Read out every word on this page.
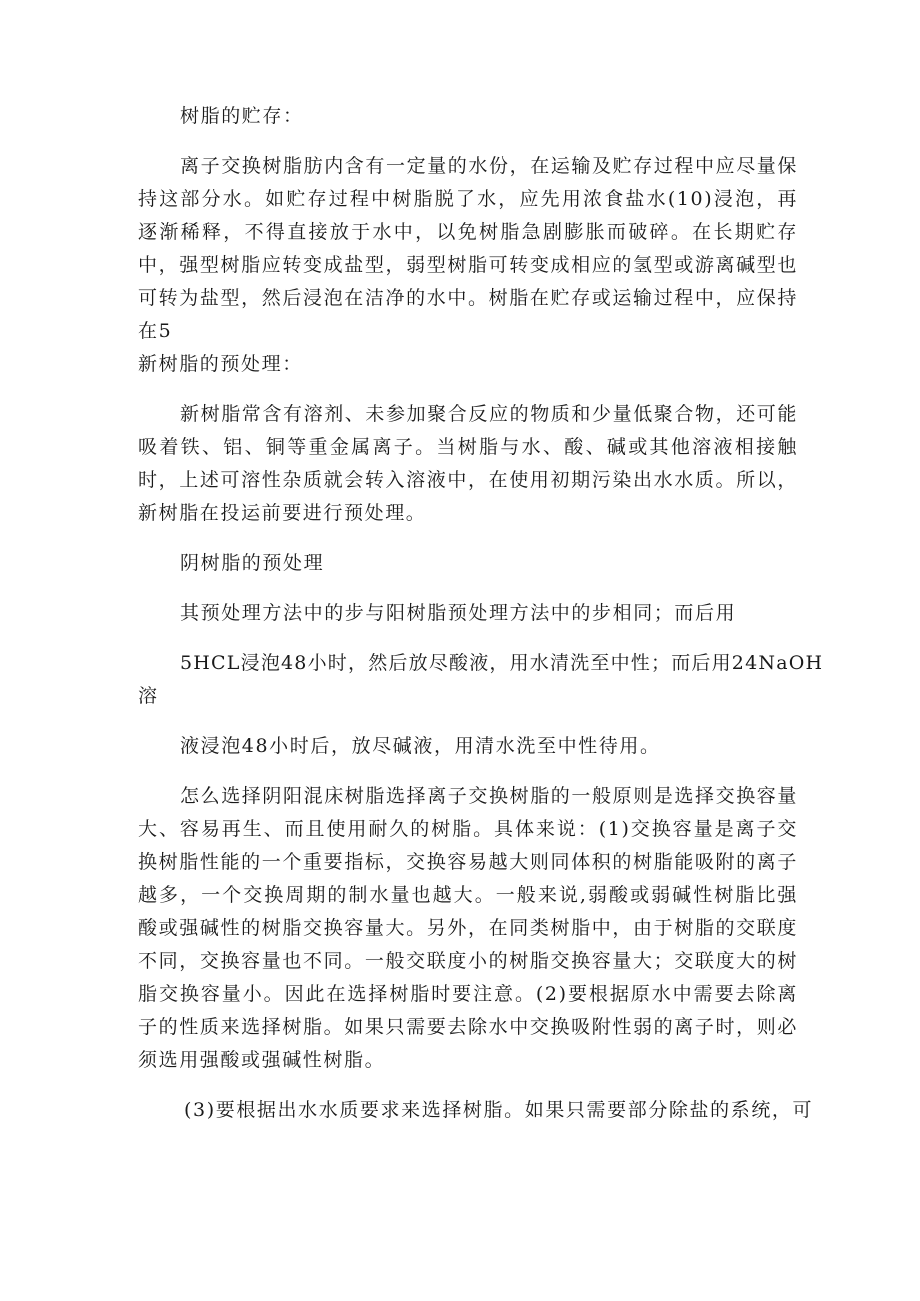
树脂的贮存：

离子交换树脂肪内含有一定量的水份，在运输及贮存过程中应尽量保持这部分水。如贮存过程中树脂脱了水，应先用浓食盐水(10)浸泡，再逐渐稀释，不得直接放于水中，以免树脂急剧膨胀而破碎。在长期贮存中，强型树脂应转变成盐型，弱型树脂可转变成相应的氢型或游离碱型也可转为盐型，然后浸泡在洁净的水中。树脂在贮存或运输过程中，应保持在5

新树脂的预处理：

新树脂常含有溶剂、未参加聚合反应的物质和少量低聚合物，还可能吸着铁、铝、铜等重金属离子。当树脂与水、酸、碱或其他溶液相接触时，上述可溶性杂质就会转入溶液中，在使用初期污染出水水质。所以，新树脂在投运前要进行预处理。

阴树脂的预处理

其预处理方法中的步与阳树脂预处理方法中的步相同；而后用

5HCL浸泡48小时，然后放尽酸液，用水清洗至中性；而后用24NaOH

溶

液浸泡48小时后，放尽碱液，用清水洗至中性待用。

怎么选择阴阳混床树脂选择离子交换树脂的一般原则是选择交换容量大、容易再生、而且使用耐久的树脂。具体来说：(1)交换容量是离子交换树脂性能的一个重要指标，交换容易越大则同体积的树脂能吸附的离子越多，一个交换周期的制水量也越大。一般来说,弱酸或弱碱性树脂比强酸或强碱性的树脂交换容量大。另外，在同类树脂中，由于树脂的交联度不同，交换容量也不同。一般交联度小的树脂交换容量大；交联度大的树脂交换容量小。因此在选择树脂时要注意。(2)要根据原水中需要去除离子的性质来选择树脂。如果只需要去除水中交换吸附性弱的离子时，则必须选用强酸或强碱性树脂。

(3)要根据出水水质要求来选择树脂。如果只需要部分除盐的系统，可
